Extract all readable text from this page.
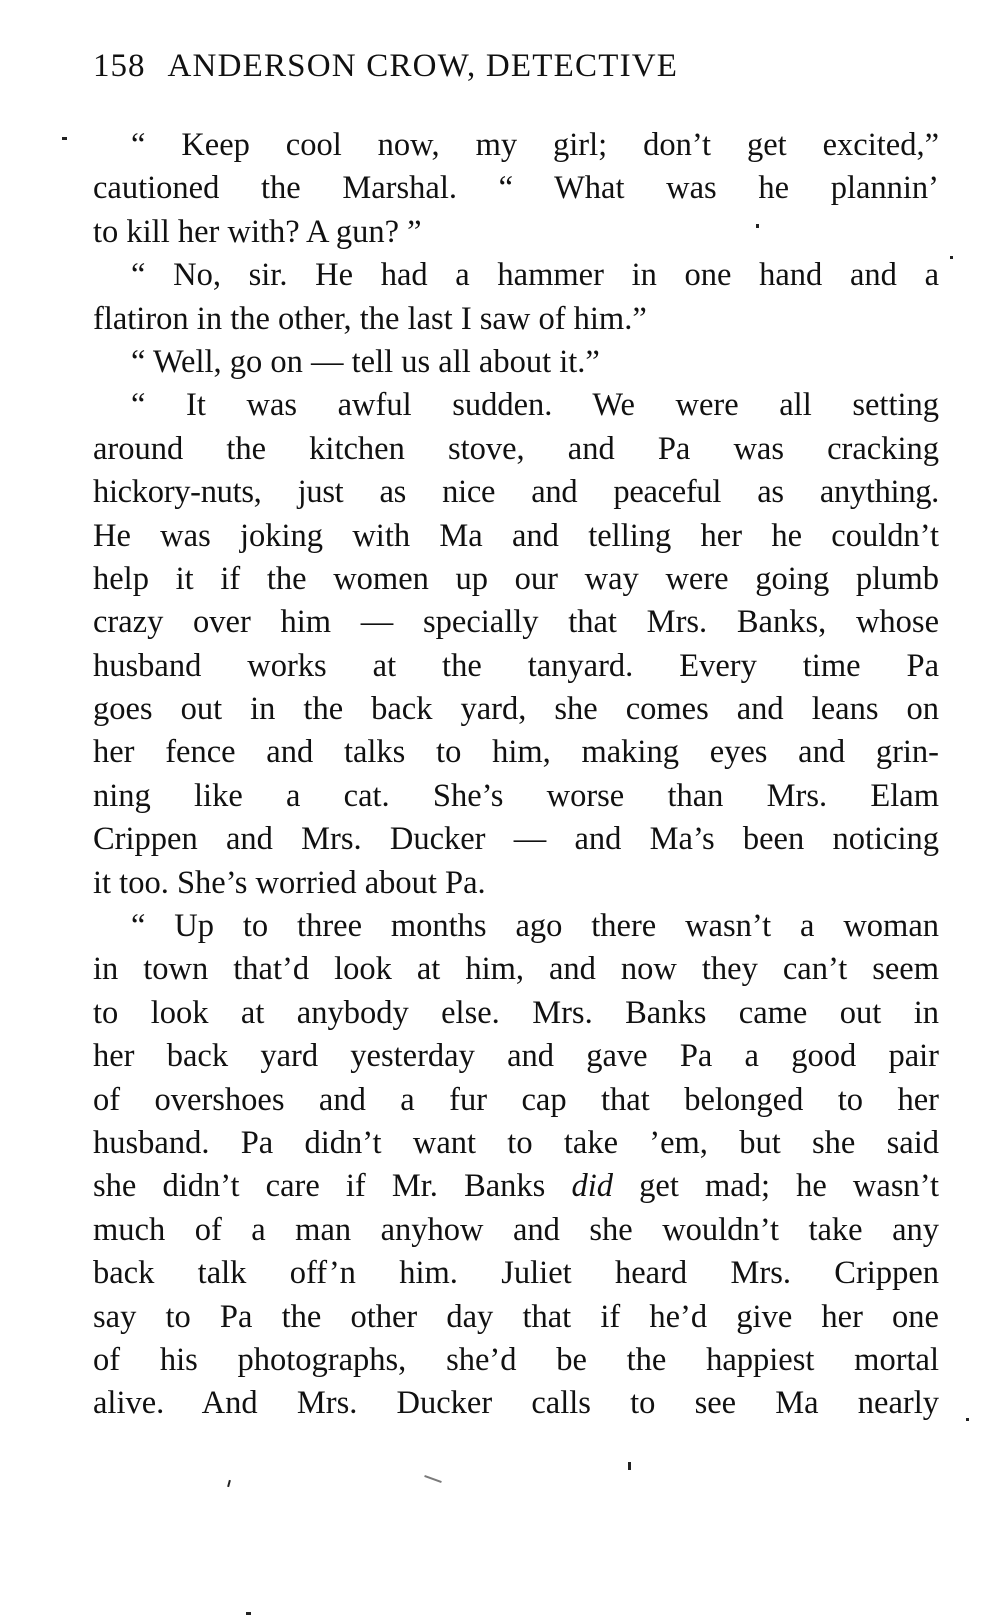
158 ANDERSON CROW, DETECTIVE
“ Keep cool now, my girl; don’t get excited,”
cautioned the Marshal. “ What was he plannin’
to kill her with? A gun? ”
“ No, sir. He had a hammer in one hand and a
flatiron in the other, the last I saw of him.”
“ Well, go on — tell us all about it.”
“ It was awful sudden. We were all setting
around the kitchen stove, and Pa was cracking
hickory-nuts, just as nice and peaceful as anything.
He was joking with Ma and telling her he couldn’t
help it if the women up our way were going plumb
crazy over him — specially that Mrs. Banks, whose
husband works at the tanyard. Every time Pa
goes out in the back yard, she comes and leans on
her fence and talks to him, making eyes and grin-
ning like a cat. She’s worse than Mrs. Elam
Crippen and Mrs. Ducker — and Ma’s been noticing
it too. She’s worried about Pa.
“ Up to three months ago there wasn’t a woman
in town that’d look at him, and now they can’t seem
to look at anybody else. Mrs. Banks came out in
her back yard yesterday and gave Pa a good pair
of overshoes and a fur cap that belonged to her
husband. Pa didn’t want to take ’em, but she said
she didn’t care if Mr. Banks did get mad; he wasn’t
much of a man anyhow and she wouldn’t take any
back talk off’n him. Juliet heard Mrs. Crippen
say to Pa the other day that if he’d give her one
of his photographs, she’d be the happiest mortal
alive. And Mrs. Ducker calls to see Ma nearly
